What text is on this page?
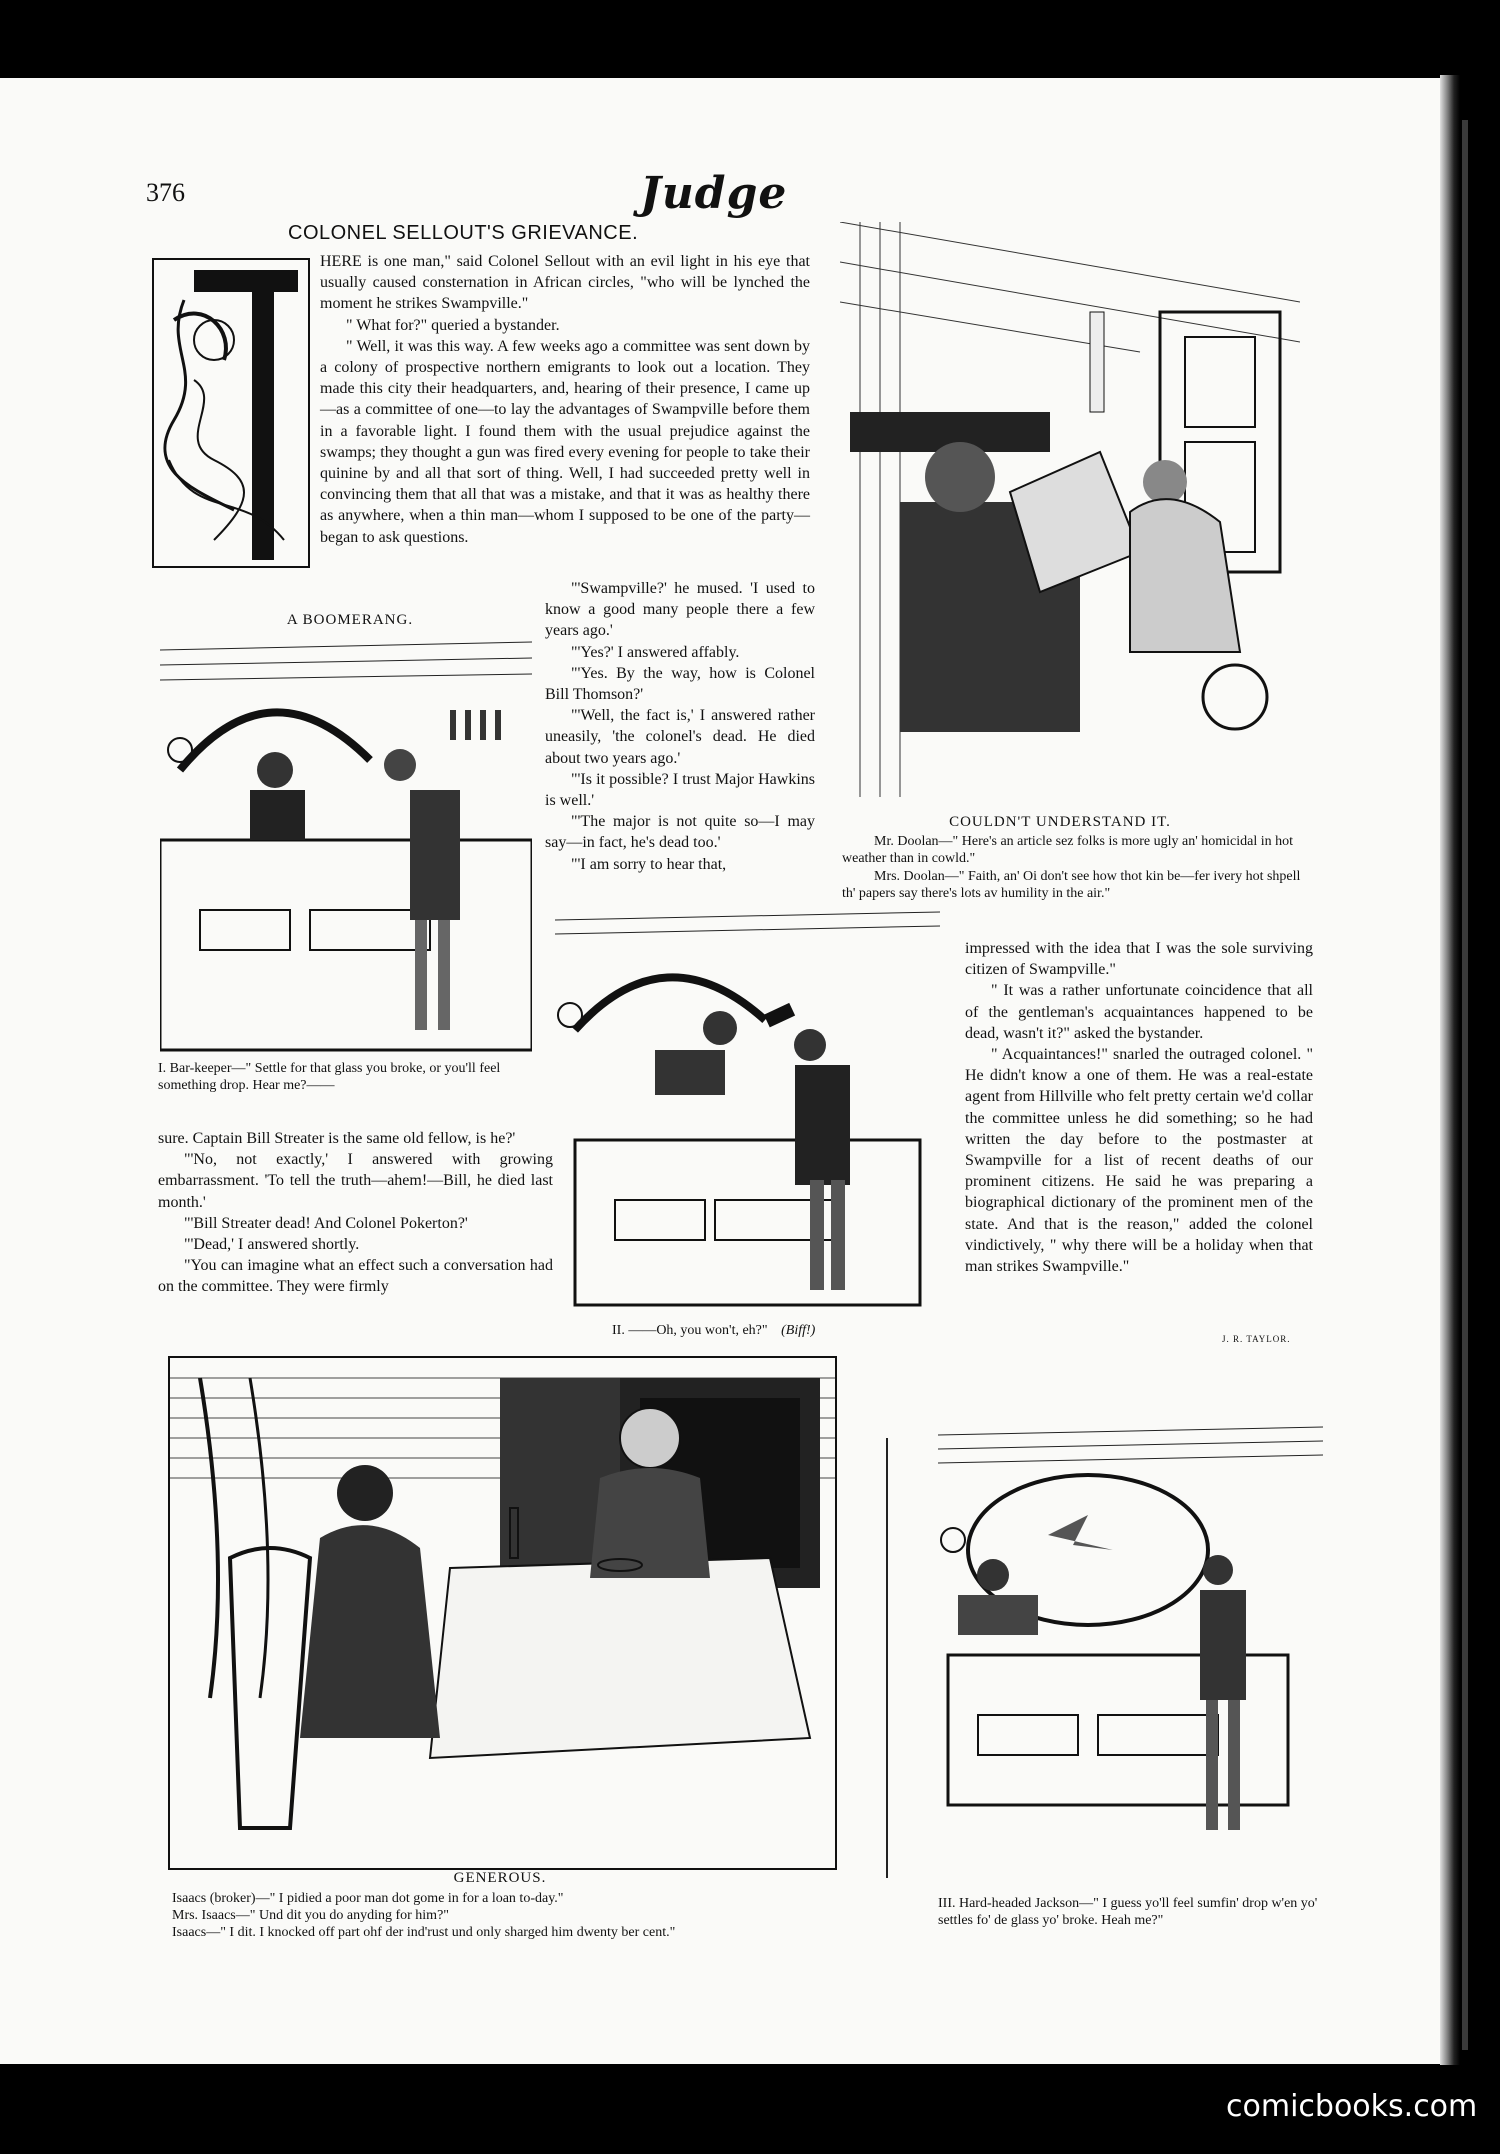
376	Judge
COLONEL SELLOUT'S GRIEVANCE.

HERE is one man," said Colonel Sellout with an evil light in his eye that usually caused consternation in African circles, "who will be lynched the moment he strikes Swampville."

" What for?" queried a bystander.

" Well, it was this way. A few weeks ago a committee was sent down by a colony of prospective northern emigrants to look out a location. They made this city their headquarters, and, hearing of their presence, I came up—as a committee of one—to lay the advantages of Swampville before them in a favorable light. I found them with the usual prejudice against the swamps; they thought a gun was fired every evening for people to take their quinine by and all that sort of thing. Well, I had succeeded pretty well in convincing them that all that was a mistake, and that it was as healthy there as anywhere, when a thin man—whom I supposed to be one of the party—began to ask questions.

"'Swampville?' he mused. 'I used to know a good many people there a few years ago.'

"'Yes?' I answered affably.

"'Yes. By the way, how is Colonel Bill Thomson?'

"'Well, the fact is,' I answered rather uneasily, 'the colonel's dead. He died about two years ago.'

"'Is it possible? I trust Major Hawkins is well.'

"'The major is not quite so—I may say—in fact, he's dead too.'

"'I am sorry to hear that,

sure. Captain Bill Streater is the same old fellow, is he?'

"'No, not exactly,' I answered with growing embarrassment. 'To tell the truth—ahem!—Bill, he died last month.'

"'Bill Streater dead! And Colonel Pokerton?'

"'Dead,' I answered shortly.

"You can imagine what an effect such a conversation had on the committee. They were firmly

impressed with the idea that I was the sole surviving citizen of Swampville."

" It was a rather unfortunate coincidence that all of the gentleman's acquaintances happened to be dead, wasn't it?" asked the bystander.

" Acquaintances!" snarled the outraged colonel. " He didn't know a one of them. He was a real-estate agent from Hillville who felt pretty certain we'd collar the committee unless he did something; so he had written the day before to the postmaster at Swampville for a list of recent deaths of our prominent citizens. He said he was preparing a biographical dictionary of the prominent men of the state. And that is the reason," added the colonel vindictively, " why there will be a holiday when that man strikes Swampville."

J. R. TAYLOR.
A BOOMERANG.
I. Bar-keeper—" Settle for that glass you broke, or you'll feel something drop. Hear me?——
II. ——Oh, you won't, eh?" (Biff!)
III. Hard-headed Jackson—" I guess yo'll feel sumfin' drop w'en yo' settles fo' de glass yo' broke. Heah me?"
COULDN'T UNDERSTAND IT.
Mr. Doolan—" Here's an article sez folks is more ugly an' homicidal in hot weather than in cowld."
Mrs. Doolan—" Faith, an' Oi don't see how thot kin be—fer ivery hot shpell th' papers say there's lots av humility in the air."
GENEROUS.
Isaacs (broker)—" I pidied a poor man dot gome in for a loan to-day."
Mrs. Isaacs—" Und dit you do anyding for him?"
Isaacs—" I dit. I knocked off part ohf der ind'rust und only sharged him dwenty ber cent."
comicbooks.com
